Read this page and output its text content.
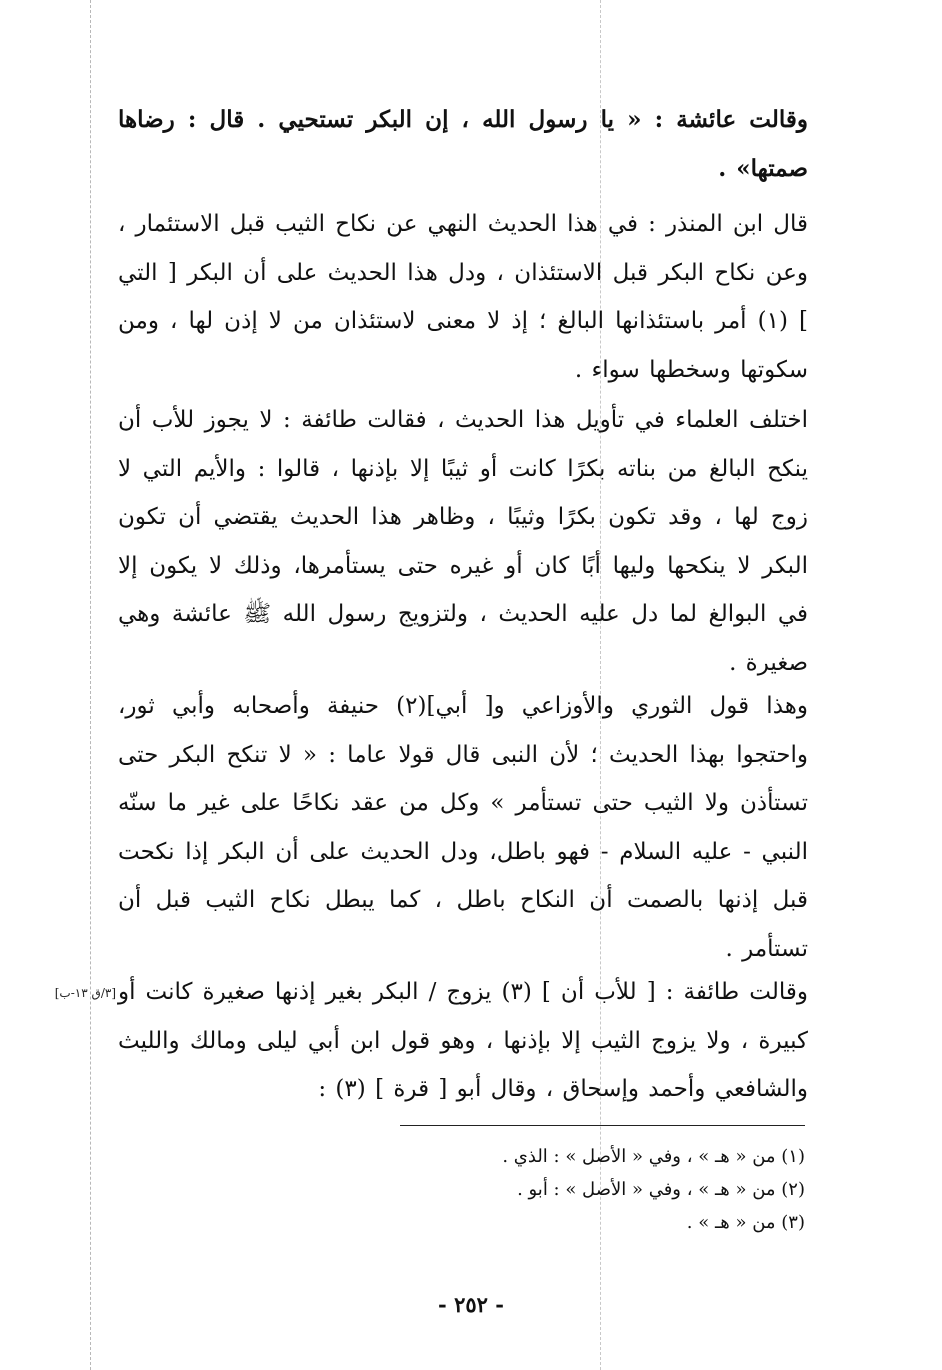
وقالت عائشة : « يا رسول الله ، إن البكر تستحيي . قال : رضاها صمتها» .
قال ابن المنذر : في هذا الحديث النهي عن نكاح الثيب قبل الاستئمار ، وعن نكاح البكر قبل الاستئذان ، ودل هذا الحديث على أن البكر [ التي ] (١) أمر باستئذانها البالغ ؛ إذ لا معنى لاستئذان من لا إذن لها ، ومن سكوتها وسخطها سواء .
اختلف العلماء في تأويل هذا الحديث ، فقالت طائفة : لا يجوز للأب أن ينكح البالغ من بناته بكرًا كانت أو ثيبًا إلا بإذنها ، قالوا : والأيم التي لا زوج لها ، وقد تكون بكرًا وثيبًا ، وظاهر هذا الحديث يقتضي أن تكون البكر لا ينكحها وليها أبًا كان أو غيره حتى يستأمرها، وذلك لا يكون إلا في البوالغ لما دل عليه الحديث ، ولتزويج رسول الله ﷺ عائشة وهي صغيرة .
وهذا قول الثوري والأوزاعي و[ أبي](٢) حنيفة وأصحابه وأبي ثور، واحتجوا بهذا الحديث ؛ لأن النبى قال قولا عاما : « لا تنكح البكر حتى تستأذن ولا الثيب حتى تستأمر » وكل من عقد نكاحًا على غير ما سنّه النبي - عليه السلام - فهو باطل، ودل الحديث على أن البكر إذا نكحت قبل إذنها بالصمت أن النكاح باطل ، كما يبطل نكاح الثيب قبل أن تستأمر .
وقالت طائفة : [ للأب أن ] (٣) يزوج / البكر بغير إذنها صغيرة كانت أو كبيرة ، ولا يزوج الثيب إلا بإذنها ، وهو قول ابن أبي ليلى ومالك والليث والشافعي وأحمد وإسحاق ، وقال أبو [ قرة ] (٣) :
[٣/ق ١٣-ب]
(١) من « هـ » ، وفي « الأصل » : الذي .
(٢) من « هـ » ، وفي « الأصل » : أبو .
(٣) من « هـ » .
- ٢٥٢ -
